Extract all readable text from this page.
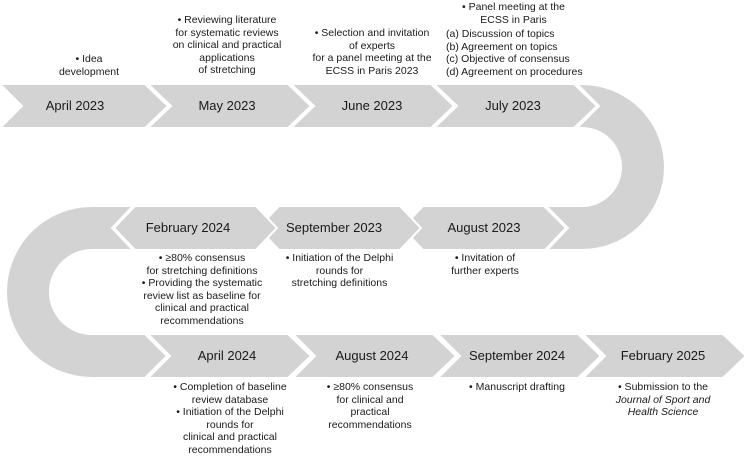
April 2023	May 2023	June 2023	July 2023
August 2023
September 2023
February 2024
April 2024	August 2024	September 2024	February 2025
• Idea
development
• Reviewing literature
for systematic reviews
on clinical and practical
applications
of stretching
• Selection and invitation
of experts
for a panel meeting at the
ECSS in Paris 2023
• Panel meeting at the
ECSS in Paris
(a) Discussion of topics
(b) Agreement on topics
(c) Objective of consensus
(d) Agreement on procedures
• Invitation of
further experts
• Initiation of the Delphi
rounds for
stretching definitions
• ≥80% consensus
for stretching definitions
• Providing the systematic
review list as baseline for
clinical and practical
recommendations
• Completion of baseline
review database
• Initiation of the Delphi
rounds for
clinical and practical
recommendations
• ≥80% consensus
for clinical and
practical
recommendations
• Manuscript drafting	• Submission to the
Journal of Sport and
Health Science
